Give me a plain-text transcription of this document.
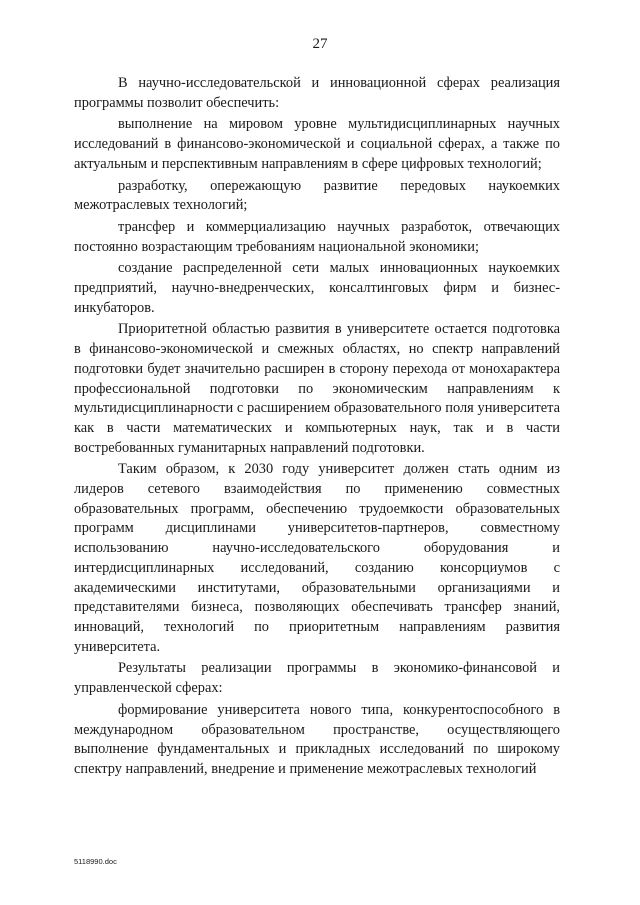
27

В научно-исследовательской и инновационной сферах реализация программы позволит обеспечить:

выполнение на мировом уровне мультидисциплинарных научных исследований в финансово-экономической и социальной сферах, а также по актуальным и перспективным направлениям в сфере цифровых технологий;

разработку, опережающую развитие передовых наукоемких межотраслевых технологий;

трансфер и коммерциализацию научных разработок, отвечающих постоянно возрастающим требованиям национальной экономики;

создание распределенной сети малых инновационных наукоемких предприятий, научно-внедренческих, консалтинговых фирм и бизнес-инкубаторов.

Приоритетной областью развития в университете остается подготовка в финансово-экономической и смежных областях, но спектр направлений подготовки будет значительно расширен в сторону перехода от монохарактера профессиональной подготовки по экономическим направлениям к мультидисциплинарности с расширением образовательного поля университета как в части математических и компьютерных наук, так и в части востребованных гуманитарных направлений подготовки.

Таким образом, к 2030 году университет должен стать одним из лидеров сетевого взаимодействия по применению совместных образовательных программ, обеспечению трудоемкости образовательных программ дисциплинами университетов-партнеров, совместному использованию научно-исследовательского оборудования и интердисциплинарных исследований, созданию консорциумов с академическими институтами, образовательными организациями и представителями бизнеса, позволяющих обеспечивать трансфер знаний, инноваций, технологий по приоритетным направлениям развития университета.

Результаты реализации программы в экономико-финансовой и управленческой сферах:

формирование университета нового типа, конкурентоспособного в международном образовательном пространстве, осуществляющего выполнение фундаментальных и прикладных исследований по широкому спектру направлений, внедрение и применение межотраслевых технологий

5118990.doc
